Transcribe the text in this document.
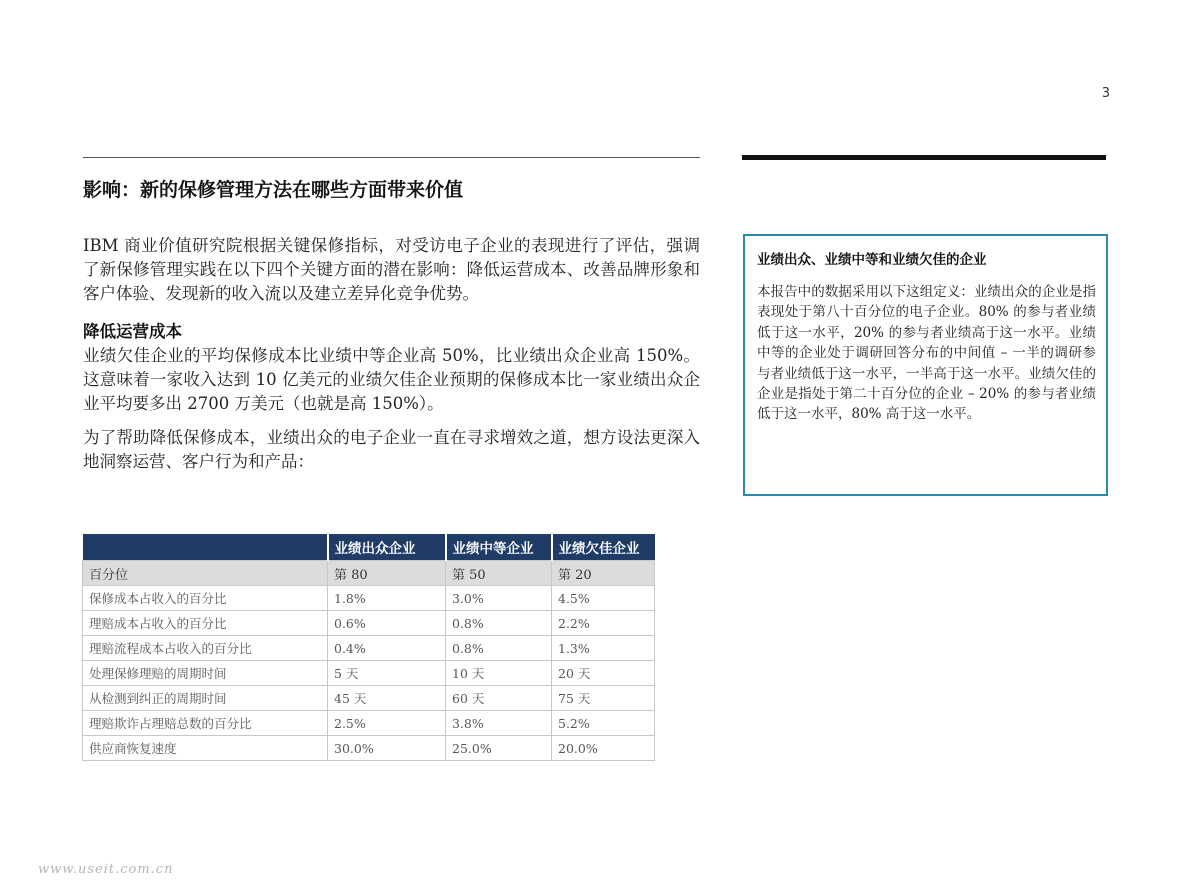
3
影响：新的保修管理方法在哪些方面带来价值

IBM 商业价值研究院根据关键保修指标，对受访电子企业的表现进行了评估，强调了新保修管理实践在以下四个关键方面的潜在影响：降低运营成本、改善品牌形象和客户体验、发现新的收入流以及建立差异化竞争优势。

降低运营成本

业绩欠佳企业的平均保修成本比业绩中等企业高 50%，比业绩出众企业高 150%。这意味着一家收入达到 10 亿美元的业绩欠佳企业预期的保修成本比一家业绩出众企业平均要多出 2700 万美元（也就是高 150%）。

为了帮助降低保修成本，业绩出众的电子企业一直在寻求增效之道，想方设法更深入地洞察运营、客户行为和产品：

	业绩出众企业	业绩中等企业	业绩欠佳企业
百分位	第 80	第 50	第 20
保修成本占收入的百分比	1.8%	3.0%	4.5%
理赔成本占收入的百分比	0.6%	0.8%	2.2%
理赔流程成本占收入的百分比	0.4%	0.8%	1.3%
处理保修理赔的周期时间	5 天	10 天	20 天
从检测到纠正的周期时间	45 天	60 天	75 天
理赔欺诈占理赔总数的百分比	2.5%	3.8%	5.2%
供应商恢复速度	30.0%	25.0%	20.0%
业绩出众、业绩中等和业绩欠佳的企业
本报告中的数据采用以下这组定义：业绩出众的企业是指表现处于第八十百分位的电子企业。80% 的参与者业绩低于这一水平，20% 的参与者业绩高于这一水平。业绩中等的企业处于调研回答分布的中间值 – 一半的调研参与者业绩低于这一水平，一半高于这一水平。业绩欠佳的企业是指处于第二十百分位的企业 – 20% 的参与者业绩低于这一水平，80% 高于这一水平。
www.useit.com.cn
